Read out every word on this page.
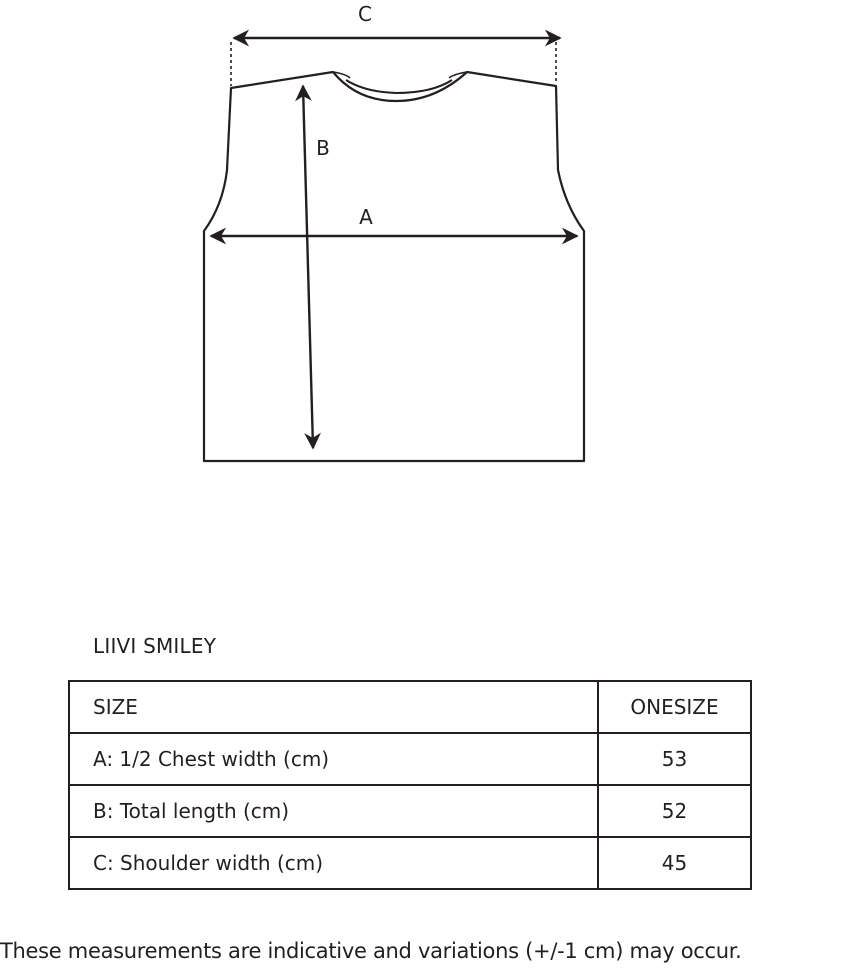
C
B
A
LIIVI SMILEY
SIZE	ONESIZE
A: 1/2 Chest width (cm)	53
B: Total length (cm)	52
C: Shoulder width (cm)	45
These measurements are indicative and variations (+/-1 cm) may occur.
